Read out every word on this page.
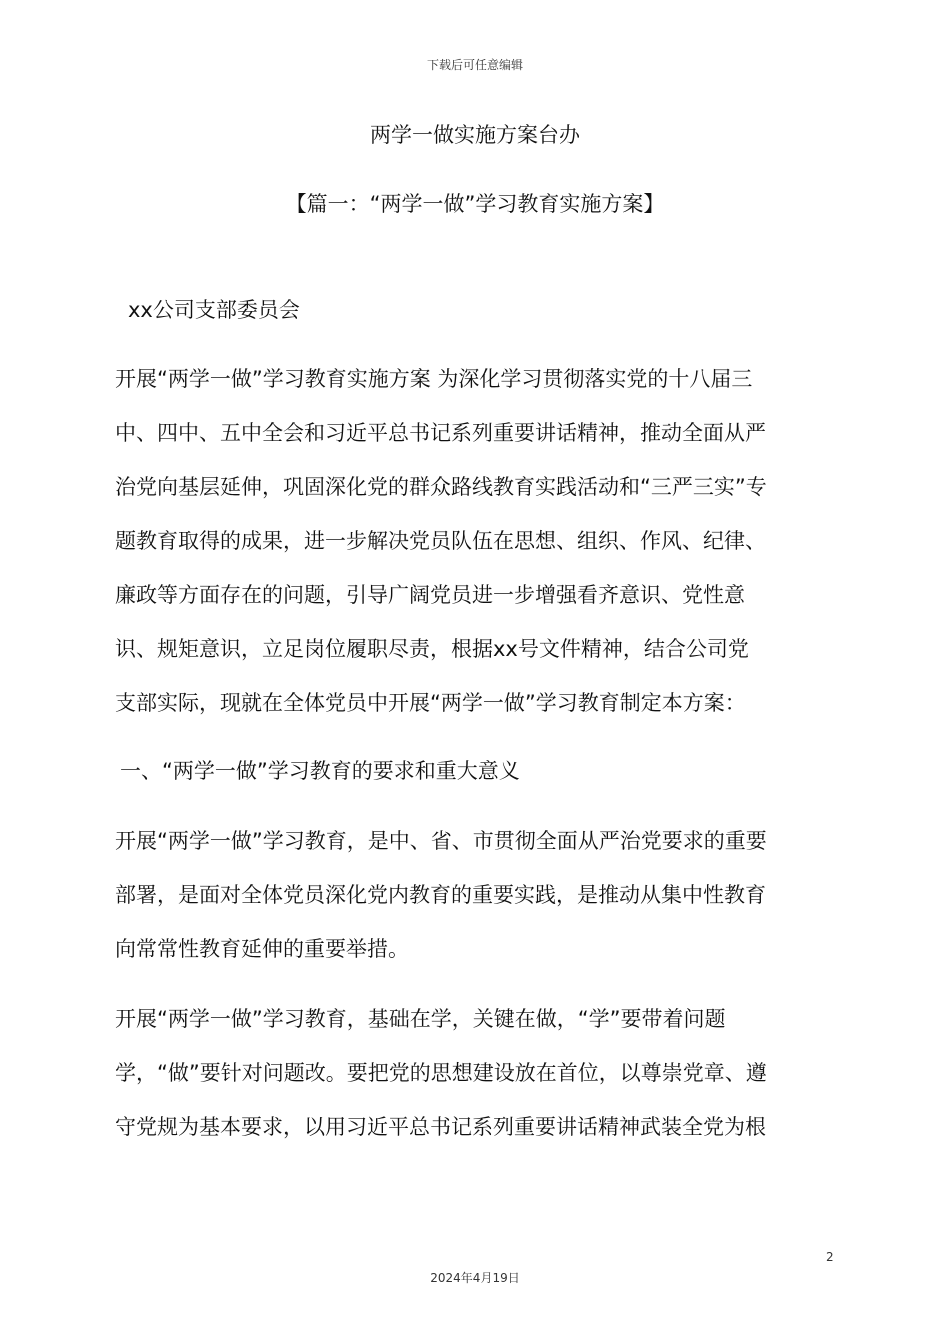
下载后可任意编辑
两学一做实施方案台办
【篇一：“两学一做”学习教育实施方案】
xx公司支部委员会
开展“两学一做”学习教育实施方案 为深化学习贯彻落实党的十八届三
中、四中、五中全会和习近平总书记系列重要讲话精神，推动全面从严
治党向基层延伸，巩固深化党的群众路线教育实践活动和“三严三实”专
题教育取得的成果，进一步解决党员队伍在思想、组织、作风、纪律、
廉政等方面存在的问题，引导广阔党员进一步增强看齐意识、党性意
识、规矩意识，立足岗位履职尽责，根据xx号文件精神，结合公司党
支部实际，现就在全体党员中开展“两学一做”学习教育制定本方案：
一、“两学一做”学习教育的要求和重大意义
开展“两学一做”学习教育，是中、省、市贯彻全面从严治党要求的重要
部署，是面对全体党员深化党内教育的重要实践，是推动从集中性教育
向常常性教育延伸的重要举措。
开展“两学一做”学习教育，基础在学，关键在做，“学”要带着问题
学，“做”要针对问题改。要把党的思想建设放在首位，以尊崇党章、遵
守党规为基本要求，以用习近平总书记系列重要讲话精神武装全党为根
2
2024年4月19日
